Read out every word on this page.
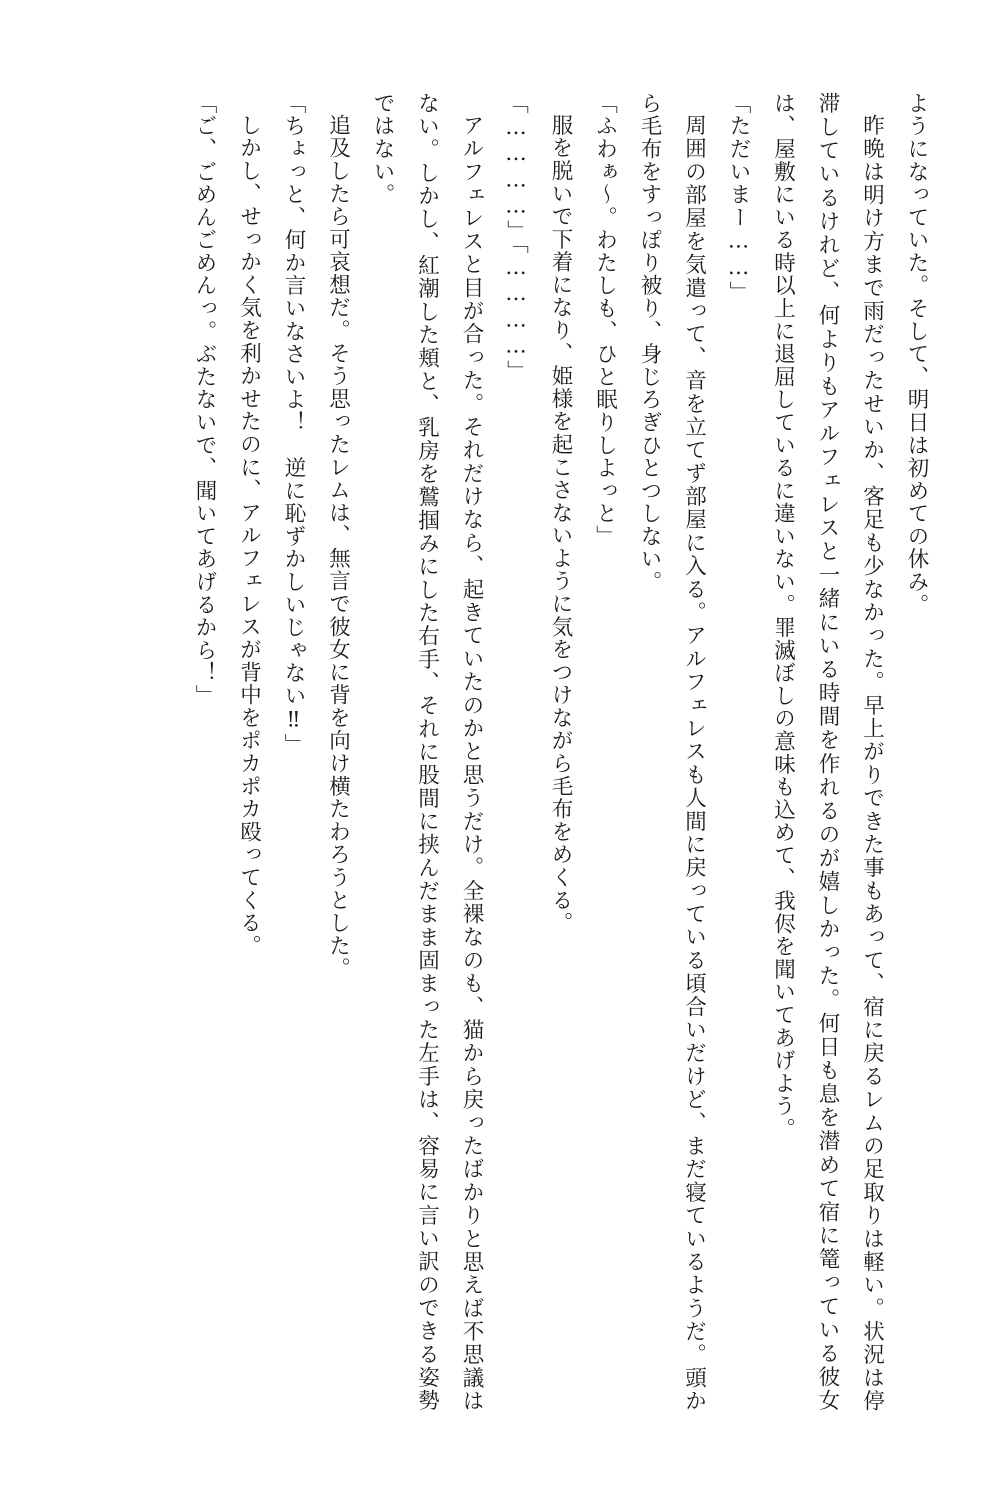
ようになっていた。そして、明日は初めての休み。

昨晩は明け方まで雨だったせいか、客足も少なかった。早上がりできた事もあって、宿に戻るレムの足取りは軽い。状況は停滞しているけれど、何よりもアルフェレスと一緒にいる時間を作れるのが嬉しかった。何日も息を潜めて宿に篭っている彼女は、屋敷にいる時以上に退屈しているに違いない。罪滅ぼしの意味も込めて、我侭を聞いてあげよう。

「ただいまー……」

周囲の部屋を気遣って、音を立てず部屋に入る。アルフェレスも人間に戻っている頃合いだけど、まだ寝ているようだ。頭から毛布をすっぽり被り、身じろぎひとつしない。

「ふわぁ～。わたしも、ひと眠りしよっと」

服を脱いで下着になり、姫様を起こさないように気をつけながら毛布をめくる。

「…………」「…………」

アルフェレスと目が合った。それだけなら、起きていたのかと思うだけ。全裸なのも、猫から戻ったばかりと思えば不思議はない。しかし、紅潮した頬と、乳房を鷲掴みにした右手、それに股間に挟んだまま固まった左手は、容易に言い訳のできる姿勢ではない。

追及したら可哀想だ。そう思ったレムは、無言で彼女に背を向け横たわろうとした。

「ちょっと、何か言いなさいよ！　逆に恥ずかしいじゃない‼」

しかし、せっかく気を利かせたのに、アルフェレスが背中をポカポカ殴ってくる。

「ご、ごめんごめんっ。ぶたないで、聞いてあげるから！」
